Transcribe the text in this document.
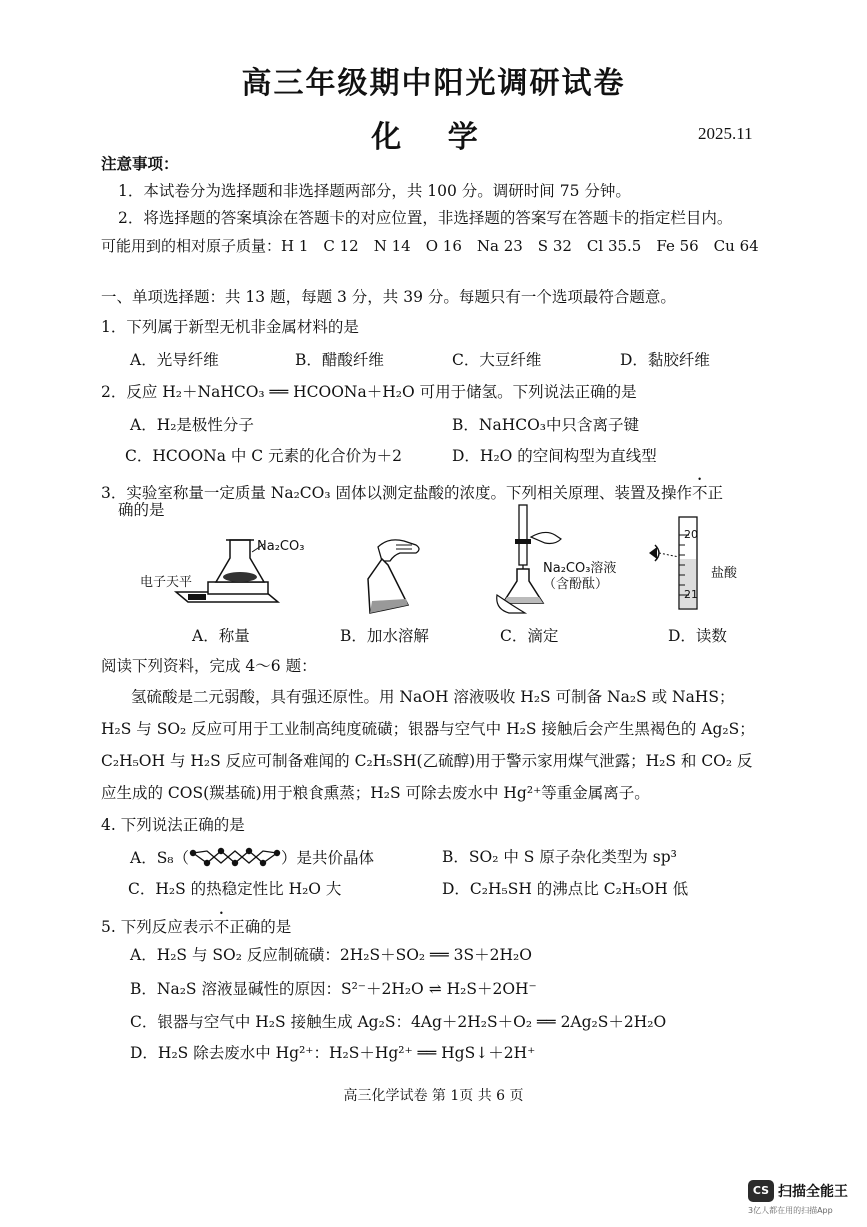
高三年级期中阳光调研试卷
化 学	2025.11
注意事项：
1．本试卷分为选择题和非选择题两部分，共 100 分。调研时间 75 分钟。
2．将选择题的答案填涂在答题卡的对应位置，非选择题的答案写在答题卡的指定栏目内。
可能用到的相对原子质量：H 1　C 12　N 14　O 16　Na 23　S 32　Cl 35.5　Fe 56　Cu 64
一、单项选择题：共 13 题，每题 3 分，共 39 分。每题只有一个选项最符合题意。
1．下列属于新型无机非金属材料的是
A．光导纤维	B．醋酸纤维	C．大豆纤维	D．黏胶纤维
2．反应 H₂＋NaHCO₃ ══ HCOONa＋H₂O 可用于储氢。下列说法正确的是
A．H₂是极性分子	B．NaHCO₃中只含离子键
C．HCOONa 中 C 元素的化合价为＋2	D．H₂O 的空间构型为直线型
3．实验室称量一定质量 Na₂CO₃ 固体以测定盐酸的浓度。下列相关原理、装置及操作不正
确的是
Na₂CO₃
电子天平
Na₂CO₃溶液
（含酚酞）
20
21
盐酸
A．称量	B．加水溶解	C．滴定	D．读数
阅读下列资料，完成 4～6 题：
氢硫酸是二元弱酸，具有强还原性。用 NaOH 溶液吸收 H₂S 可制备 Na₂S 或 NaHS；
H₂S 与 SO₂ 反应可用于工业制高纯度硫磺；银器与空气中 H₂S 接触后会产生黑褐色的 Ag₂S；
C₂H₅OH 与 H₂S 反应可制备难闻的 C₂H₅SH(乙硫醇)用于警示家用煤气泄露；H₂S 和 CO₂ 反
应生成的 COS(羰基硫)用于粮食熏蒸；H₂S 可除去废水中 Hg²⁺等重金属离子。
4. 下列说法正确的是
A．S₈（	）是共价晶体	B．SO₂ 中 S 原子杂化类型为 sp³
C．H₂S 的热稳定性比 H₂O 大	D．C₂H₅SH 的沸点比 C₂H₅OH 低
5. 下列反应表示不正确的是
A．H₂S 与 SO₂ 反应制硫磺：2H₂S＋SO₂ ══ 3S＋2H₂O
B．Na₂S 溶液显碱性的原因：S²⁻＋2H₂O ⇌ H₂S＋2OH⁻
C．银器与空气中 H₂S 接触生成 Ag₂S：4Ag＋2H₂S＋O₂ ══ 2Ag₂S＋2H₂O
D．H₂S 除去废水中 Hg²⁺：H₂S＋Hg²⁺ ══ HgS↓＋2H⁺
高三化学试卷 第 1页 共 6 页
CS 扫描全能王
3亿人都在用的扫描App
